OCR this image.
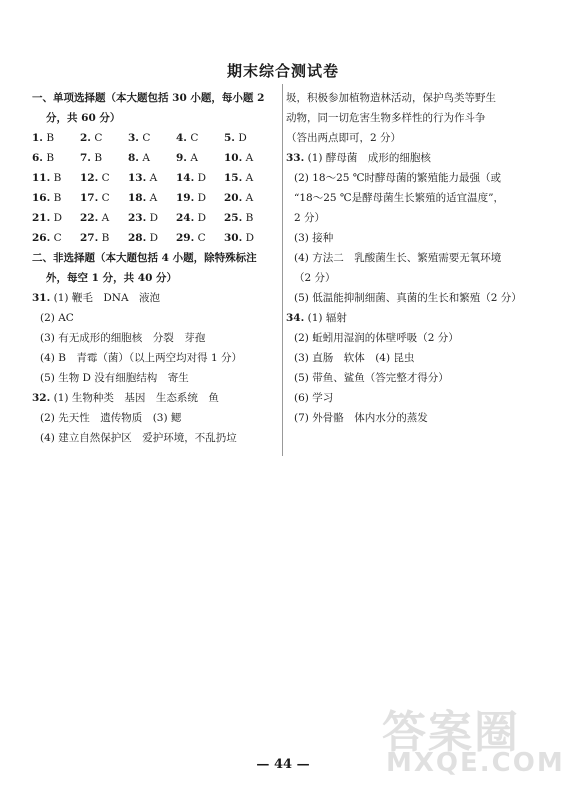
期末综合测试卷
一、单项选择题（本大题包括 30 小题，每小题 2
分，共 60 分）
1. B	2. C	3. C	4. C	5. D
6. B	7. B	8. A	9. A	10. A
11. B	12. C	13. A	14. D	15. A
16. B	17. C	18. A	19. D	20. A
21. D	22. A	23. D	24. D	25. B
26. C	27. B	28. D	29. C	30. D
二、非选择题（本大题包括 4 小题，除特殊标注
外，每空 1 分，共 40 分）
31. (1) 鞭毛　DNA　液泡
(2) AC
(3) 有无成形的细胞核　分裂　芽孢
(4) B　青霉（菌）（以上两空均对得 1 分）
(5) 生物 D 没有细胞结构　寄生
32. (1) 生物种类　基因　生态系统　鱼
(2) 先天性　遗传物质　(3) 鳃
(4) 建立自然保护区　爱护环境，不乱扔垃
圾，积极参加植物造林活动，保护鸟类等野生
动物，同一切危害生物多样性的行为作斗争
（答出两点即可，2 分）
33. (1) 酵母菌　成形的细胞核
(2) 18～25 ℃时酵母菌的繁殖能力最强（或
“18～25 ℃是酵母菌生长繁殖的适宜温度”，
2 分）
(3) 接种
(4) 方法二　乳酸菌生长、繁殖需要无氧环境
（2 分）
(5) 低温能抑制细菌、真菌的生长和繁殖（2 分）
34. (1) 辐射
(2) 蚯蚓用湿润的体壁呼吸（2 分）
(3) 直肠　软体　(4) 昆虫
(5) 带鱼、鲨鱼（答完整才得分）
(6) 学习
(7) 外骨骼　体内水分的蒸发
— 44 —
答案圈
MXQE.COM
